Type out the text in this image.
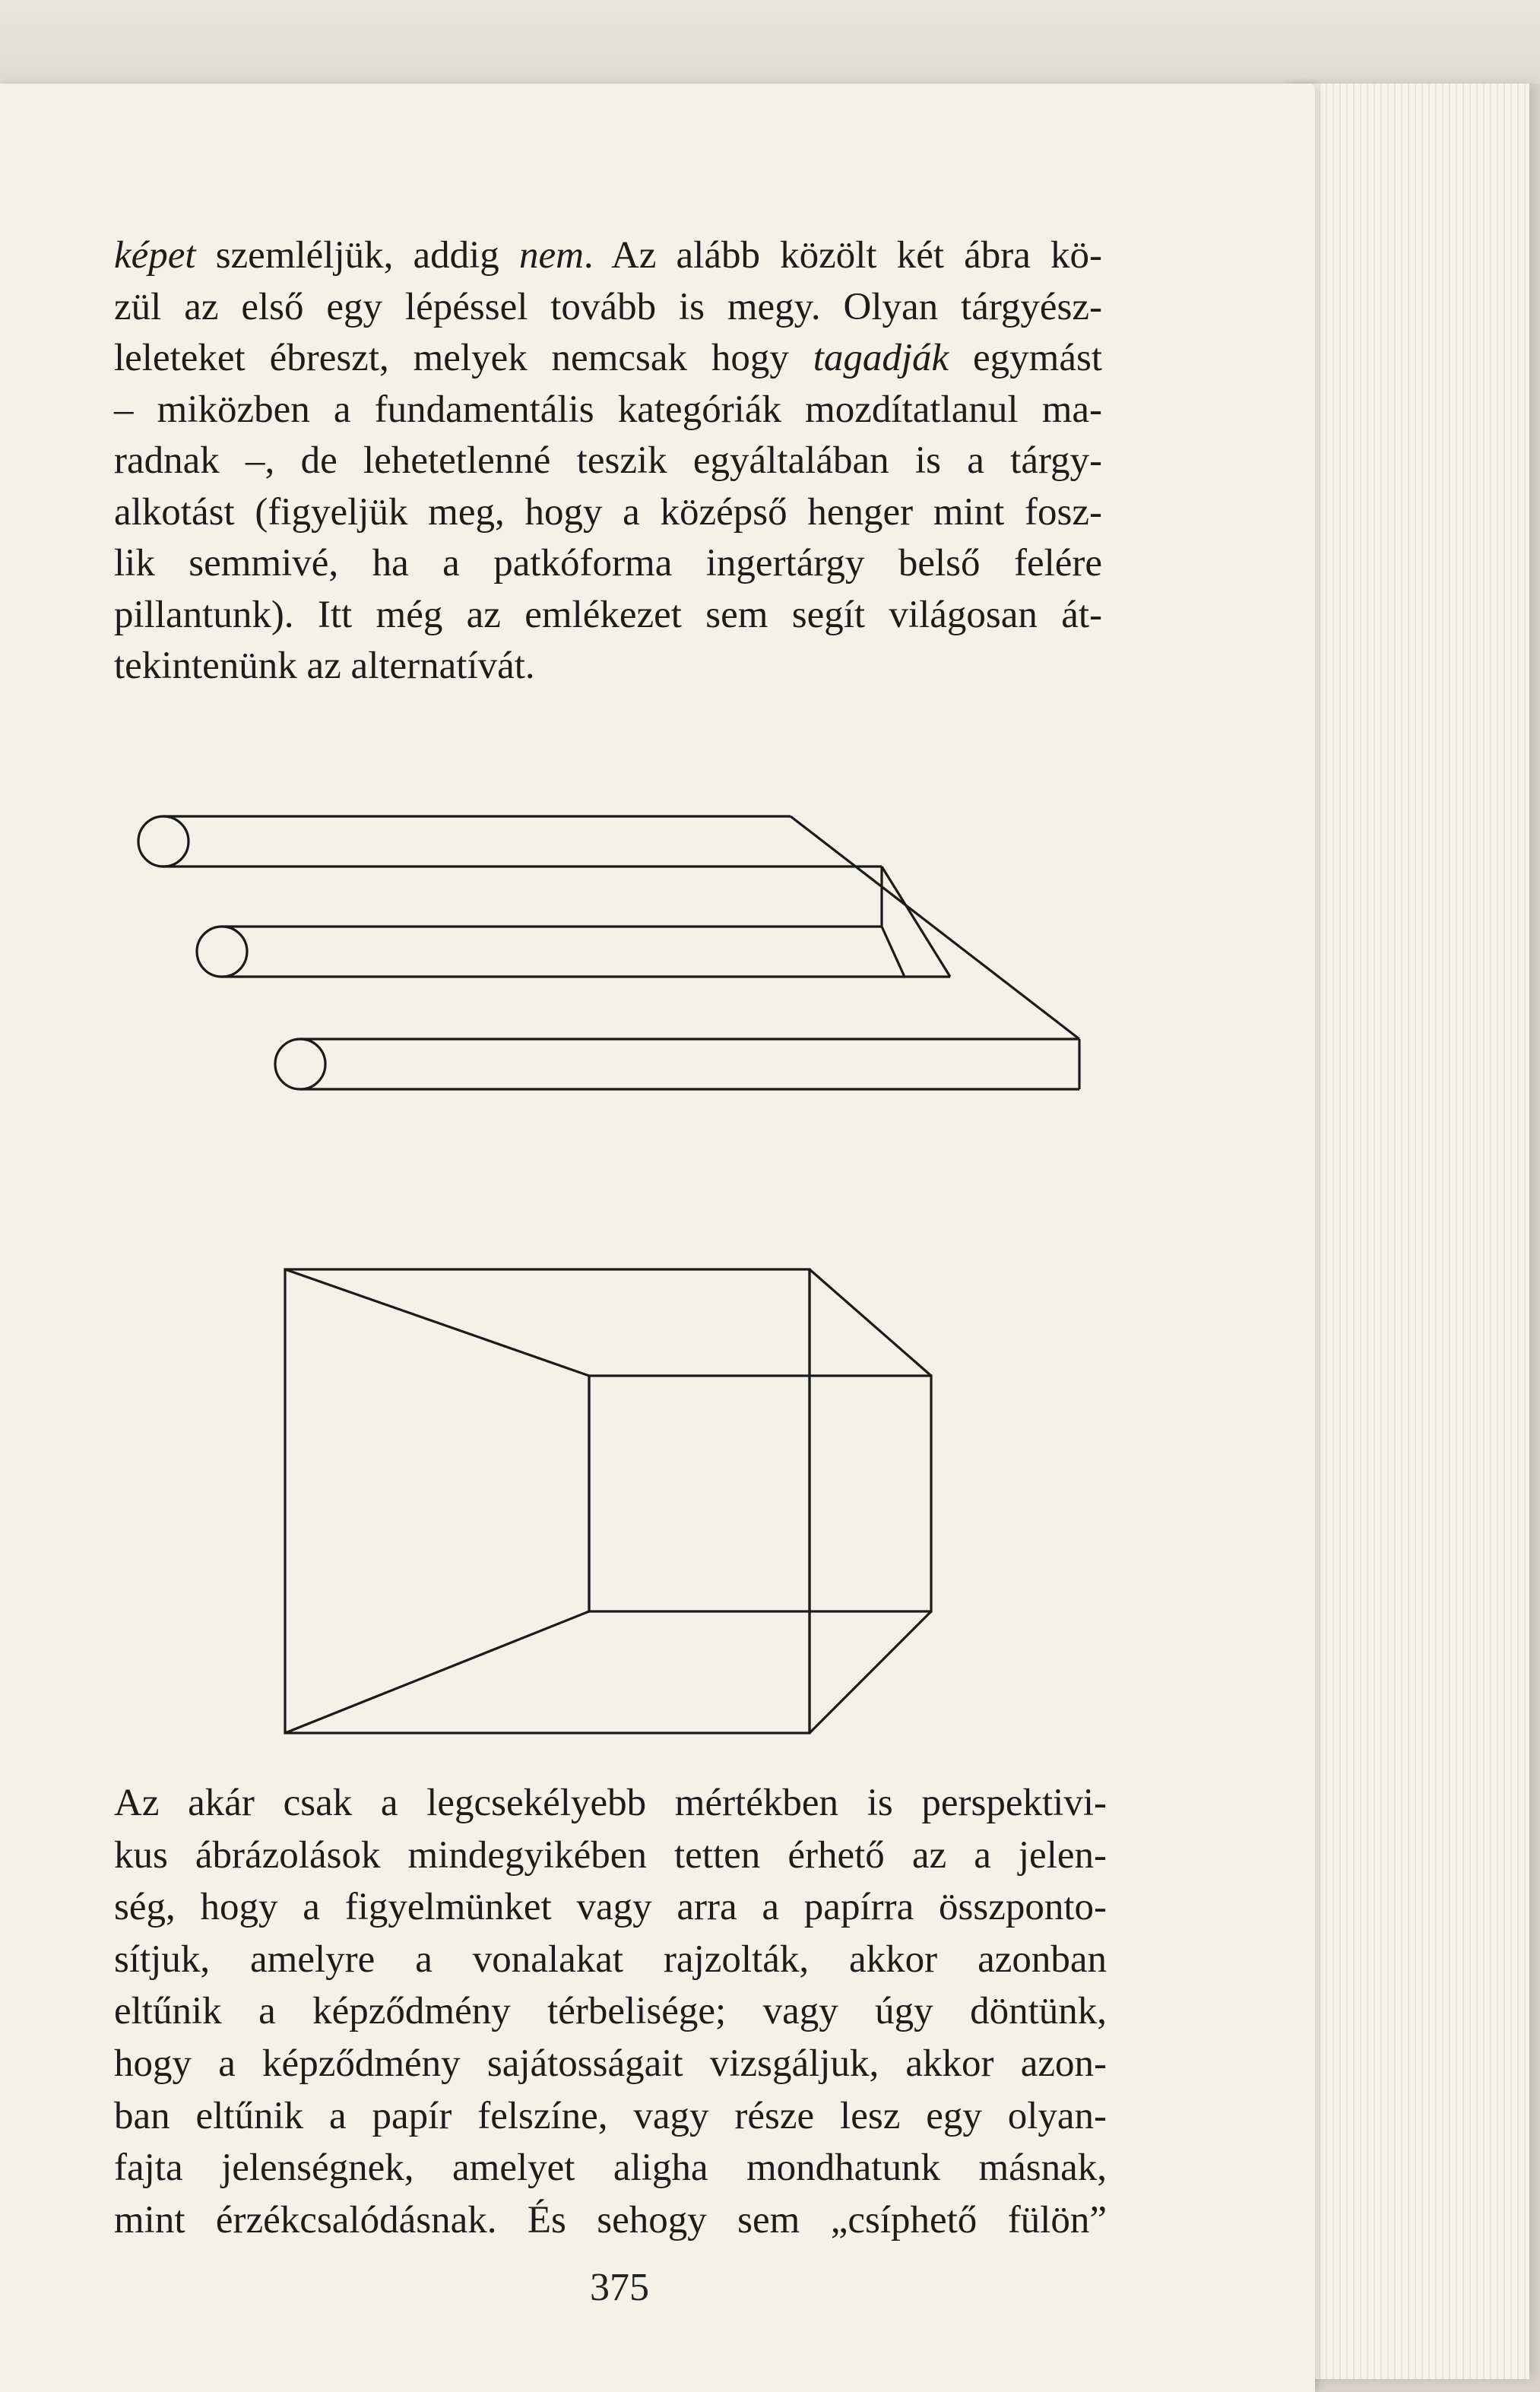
képet szemléljük, addig nem. Az alább közölt két ábra kö-
zül az első egy lépéssel tovább is megy. Olyan tárgyész-
leleteket ébreszt, melyek nemcsak hogy tagadják egymást
– miközben a fundamentális kategóriák mozdítatlanul ma-
radnak –, de lehetetlenné teszik egyáltalában is a tárgy-
alkotást (figyeljük meg, hogy a középső henger mint fosz-
lik semmivé, ha a patkóforma ingertárgy belső felére
pillantunk). Itt még az emlékezet sem segít világosan át-
tekintenünk az alternatívát.
Az akár csak a legcsekélyebb mértékben is perspektivi-
kus ábrázolások mindegyikében tetten érhető az a jelen-
ség, hogy a figyelmünket vagy arra a papírra összponto-
sítjuk, amelyre a vonalakat rajzolták, akkor azonban
eltűnik a képződmény térbelisége; vagy úgy döntünk,
hogy a képződmény sajátosságait vizsgáljuk, akkor azon-
ban eltűnik a papír felszíne, vagy része lesz egy olyan-
fajta jelenségnek, amelyet aligha mondhatunk másnak,
mint érzékcsalódásnak. És sehogy sem „csíphető fülön”
375
